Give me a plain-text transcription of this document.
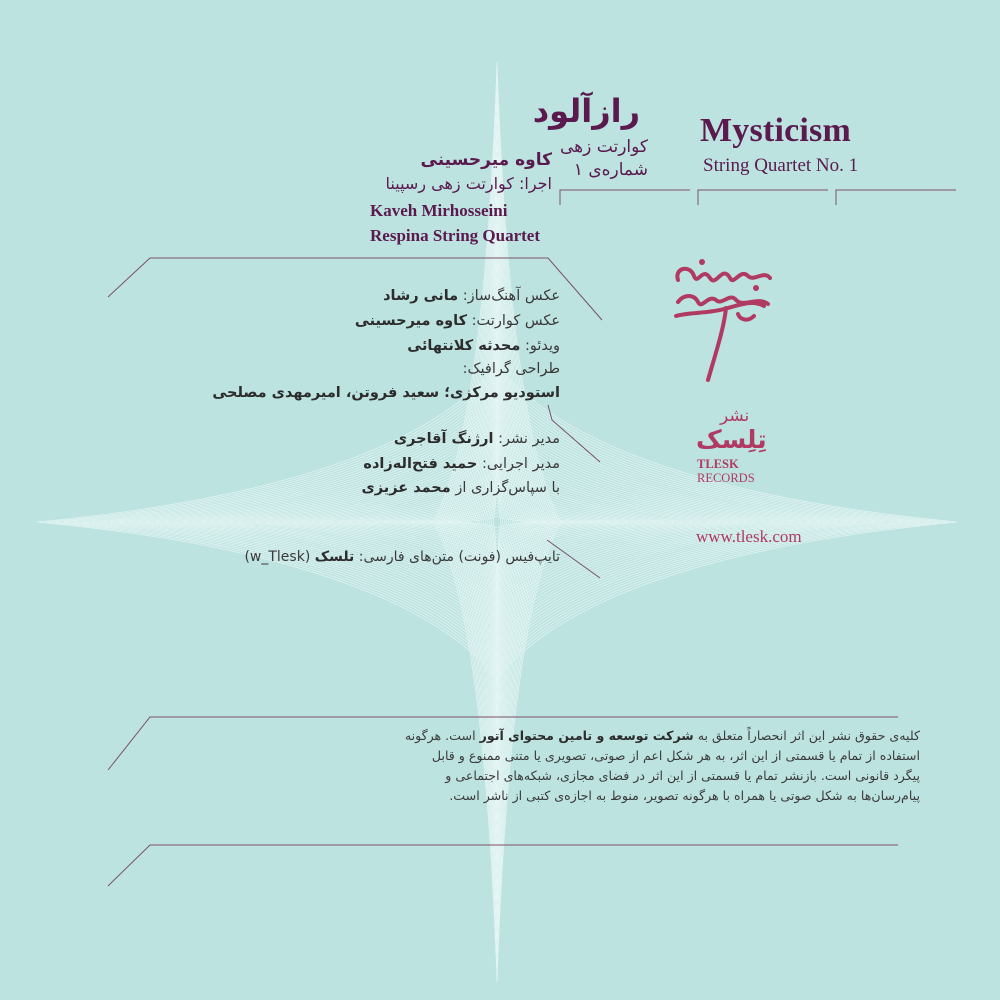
Mysticism
String Quartet No. 1
رازآلود
کوارتت زهی
شماره‌ی ۱
کاوه میرحسینی
اجرا: کوارتت زهی رسپینا
Kaveh Mirhosseini
Respina String Quartet
عکس آهنگ‌ساز: مانی رشاد
عکس کوارتت: کاوه میرحسینی
ویدئو: محدثه کلانتهائی
طراحی گرافیک:
استودیو مرکزی؛ سعید فروتن، امیرمهدی مصلحی
مدیر نشر: ارژنگ آقاجری
مدیر اجرایی: حمید فتح‌اله‌زاده
با سپاس‌گزاری از محمد عزیزی
تایپ‌فیس (فونت) متن‌های فارسی: تلسک (w_Tlesk)
نشر
تِلِسک
TLESK
RECORDS
www.tlesk.com

کلیه‌ی حقوق نشر این اثر انحصاراً متعلق به شرکت توسعه و تامین محتوای آتور است. هرگونه

استفاده از تمام یا قسمتی از این اثر، به هر شکل اعم از صوتی، تصویری یا متنی ممنوع و قابل

پیگرد قانونی است. بازنشر تمام یا قسمتی از این اثر در فضای مجازی، شبکه‌های اجتماعی و

پیام‌رسان‌ها به شکل صوتی یا همراه با هرگونه تصویر، منوط به اجازه‌ی کتبی از ناشر است.
